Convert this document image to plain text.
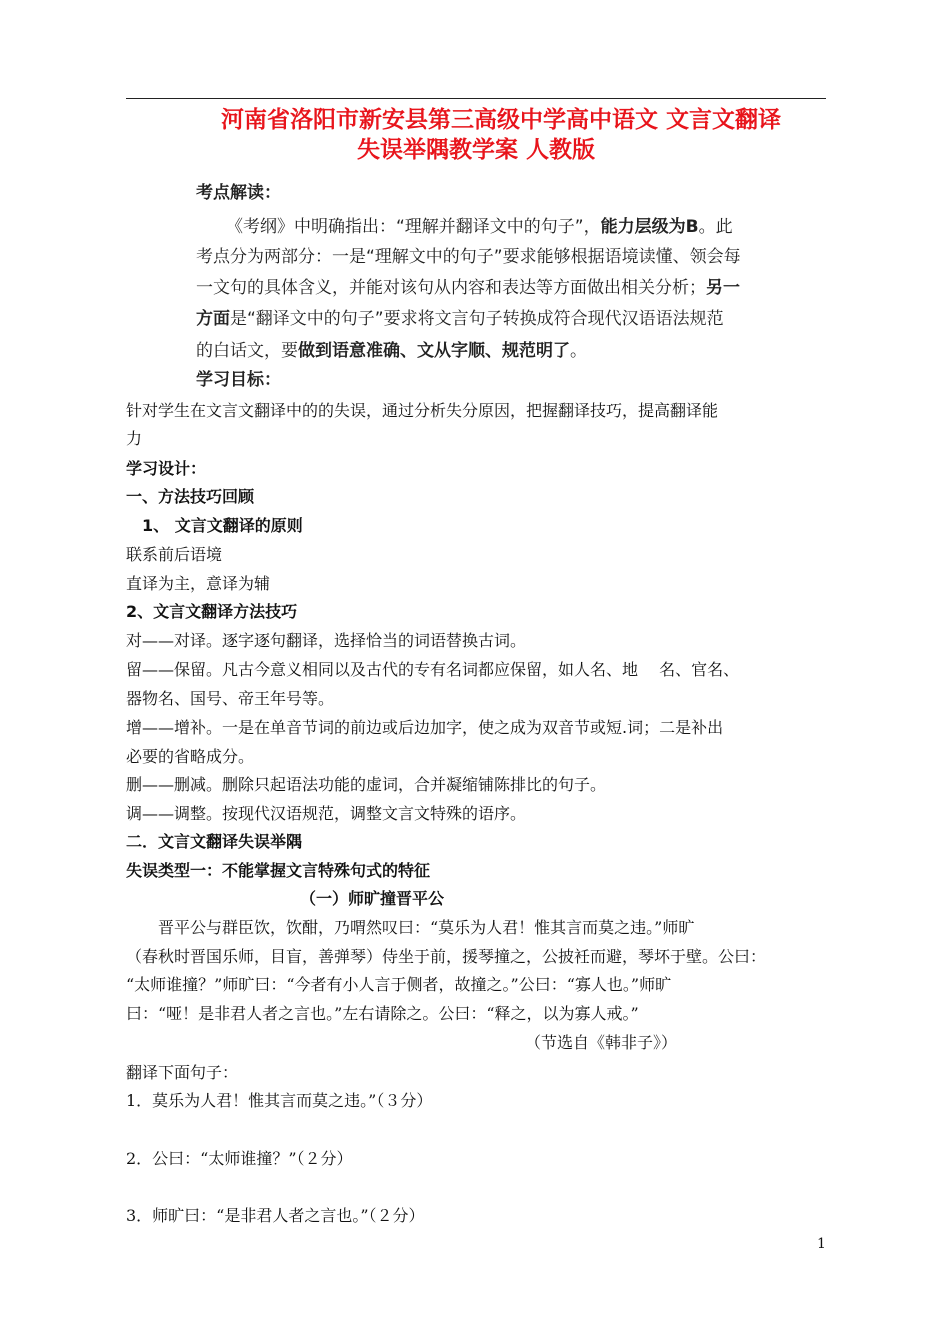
河南省洛阳市新安县第三高级中学高中语文 文言文翻译
失误举隅教学案 人教版
考点解读：
《考纲》中明确指出：“理解并翻译文中的句子”，能力层级为B。此
考点分为两部分：一是“理解文中的句子”要求能够根据语境读懂、领会每
一文句的具体含义，并能对该句从内容和表达等方面做出相关分析；另一
方面是“翻译文中的句子”要求将文言句子转换成符合现代汉语语法规范
的白话文，要做到语意准确、文从字顺、规范明了。
学习目标：
针对学生在文言文翻译中的的失误，通过分析失分原因，把握翻译技巧，提高翻译能
力
学习设计：
一、方法技巧回顾
1、 文言文翻译的原则
联系前后语境
直译为主，意译为辅
2、文言文翻译方法技巧
对——对译。逐字逐句翻译，选择恰当的词语替换古词。
留——保留。凡古今意义相同以及古代的专有名词都应保留，如人名、地　 名、官名、
器物名、国号、帝王年号等。
增——增补。一是在单音节词的前边或后边加字，使之成为双音节或短.词；二是补出
必要的省略成分。
删——删减。删除只起语法功能的虚词，合并凝缩铺陈排比的句子。
调——调整。按现代汉语规范，调整文言文特殊的语序。
二．文言文翻译失误举隅
失误类型一：不能掌握文言特殊句式的特征
（一）师旷撞晋平公
　　晋平公与群臣饮，饮酣，乃喟然叹曰：“莫乐为人君！惟其言而莫之违。”师旷
（春秋时晋国乐师，目盲，善弹琴）侍坐于前，援琴撞之，公披衽而避，琴坏于壁。公曰：
“太师谁撞？”师旷曰：“今者有小人言于侧者，故撞之。”公曰：“寡人也。”师旷
曰：“哑！是非君人者之言也。”左右请除之。公曰：“释之，以为寡人戒。”
（节选自《韩非子》）
翻译下面句子：
1．莫乐为人君！惟其言而莫之违。”（３分）
2．公曰：“太师谁撞？”（２分）
3．师旷曰：“是非君人者之言也。”（２分）
1
